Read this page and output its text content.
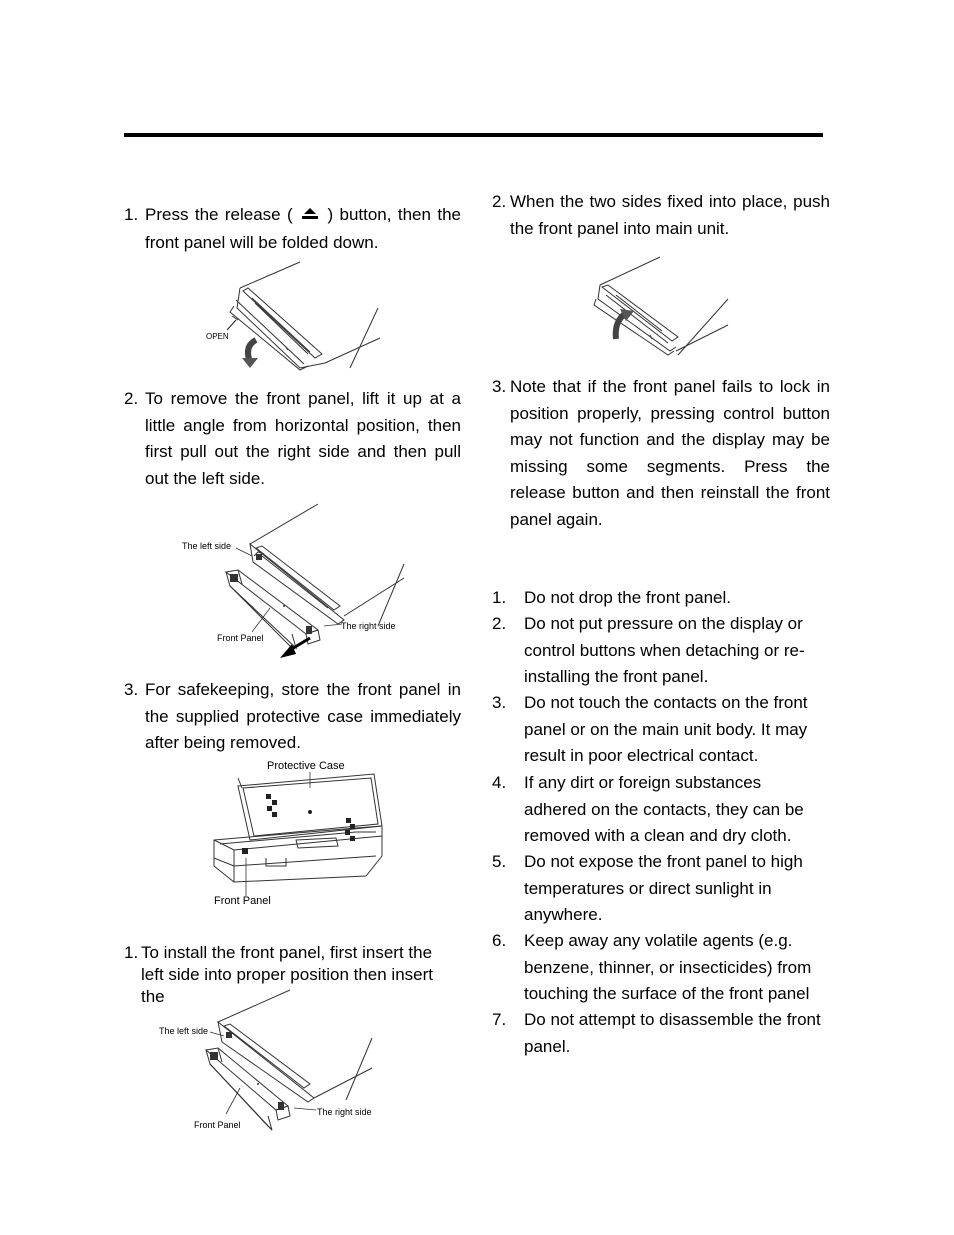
1. Press the release ( ) button, then the front panel will be folded down.
OPEN
2. To remove the front panel, lift it up at a little angle from horizontal position, then first pull out the right side and then pull out the left side.
The left side
Front Panel
The right side
3. For safekeeping, store the front panel in the supplied protective case immediately after being removed.
Protective Case
Front Panel
1. To install the front panel, first insert the
left side into proper position then insert
the
The left side
Front Panel
The right side
2. When the two sides fixed into place, push the front panel into main unit.
3. Note that if the front panel fails to lock in position properly, pressing control button may not function and the display may be missing some segments. Press the release button and then reinstall the front panel again.
1. Do not drop the front panel.
2. Do not put pressure on the display or control buttons when detaching or re-installing the front panel.
3. Do not touch the contacts on the front panel or on the main unit body. It may result in poor electrical contact.
4. If any dirt or foreign substances adhered on the contacts, they can be removed with a clean and dry cloth.
5. Do not expose the front panel to high temperatures or direct sunlight in anywhere.
6. Keep away any volatile agents (e.g. benzene, thinner, or insecticides) from touching the surface of the front panel
7. Do not attempt to disassemble the front panel.
